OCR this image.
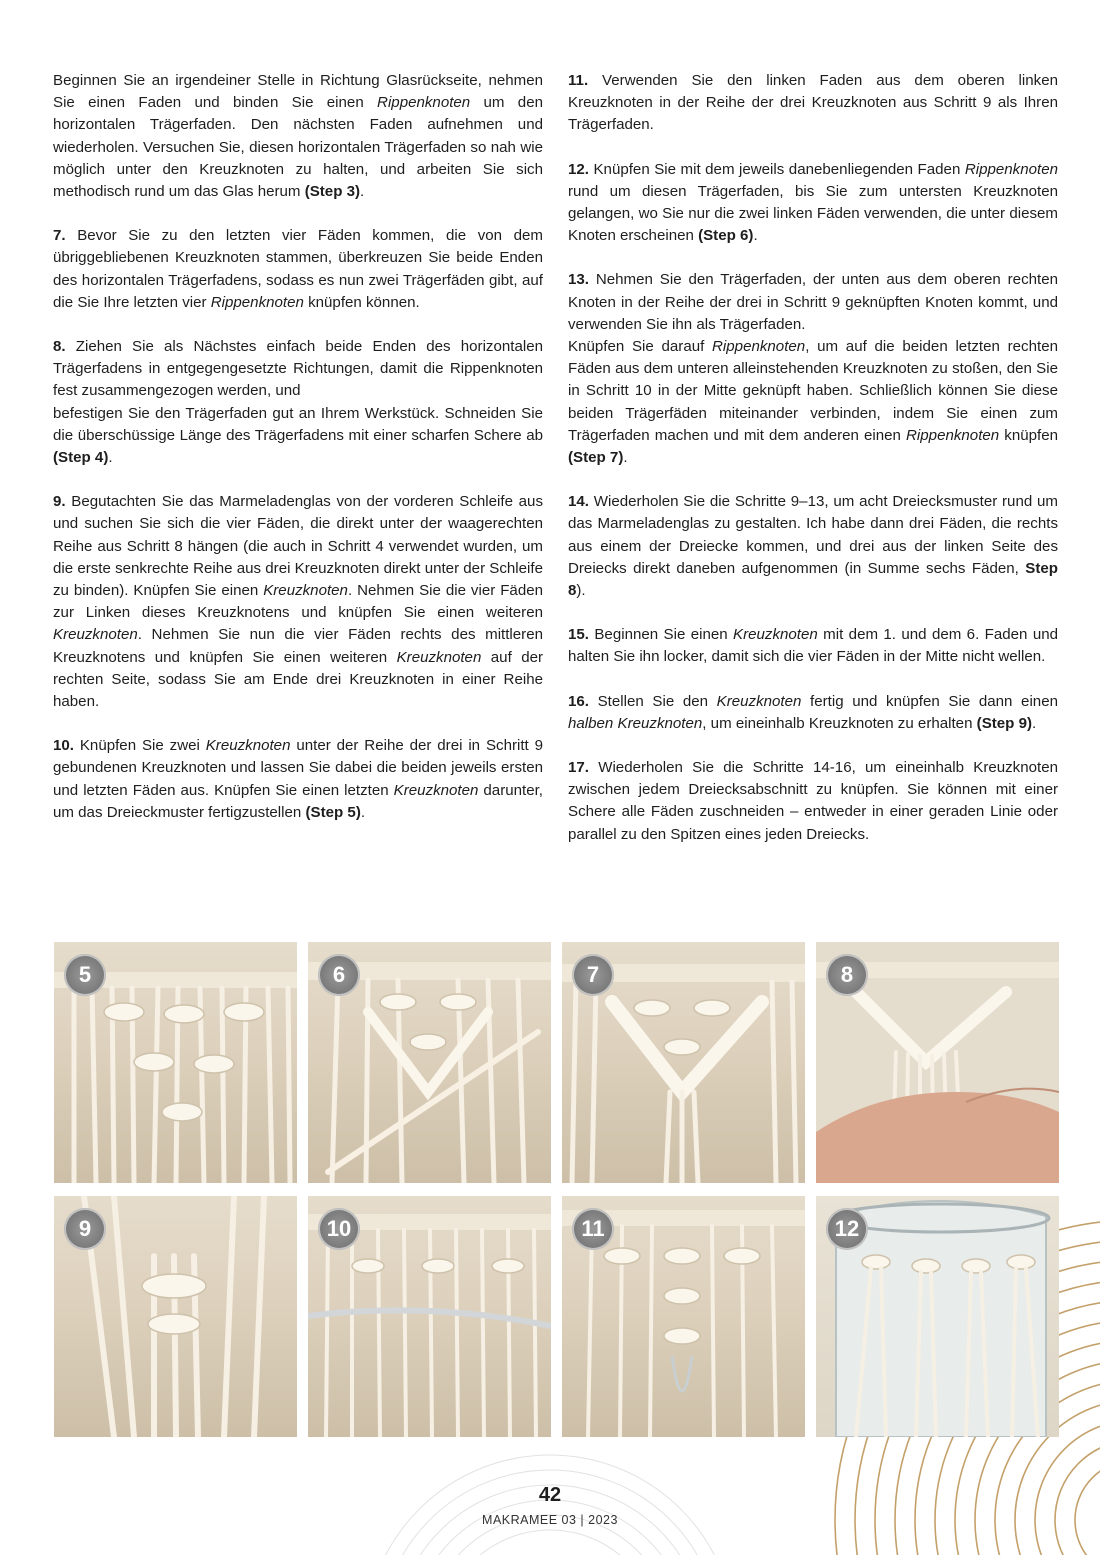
Beginnen Sie an irgendeiner Stelle in Richtung Glasrückseite, nehmen Sie einen Faden und binden Sie einen Rippenknoten um den horizontalen Trägerfaden. Den nächsten Faden aufnehmen und wiederholen. Versuchen Sie, diesen horizontalen Trägerfaden so nah wie möglich unter den Kreuzknoten zu halten, und arbeiten Sie sich methodisch rund um das Glas herum (Step 3).

7. Bevor Sie zu den letzten vier Fäden kommen, die von dem übriggebliebenen Kreuzknoten stammen, überkreuzen Sie beide Enden des horizontalen Trägerfadens, sodass es nun zwei Trägerfäden gibt, auf die Sie Ihre letzten vier Rippenknoten knüpfen können.

8. Ziehen Sie als Nächstes einfach beide Enden des horizontalen Trägerfadens in entgegengesetzte Richtungen, damit die Rippenknoten fest zusammengezogen werden, und

befestigen Sie den Trägerfaden gut an Ihrem Werkstück. Schneiden Sie die überschüssige Länge des Trägerfadens mit einer scharfen Schere ab (Step 4).

9. Begutachten Sie das Marmeladenglas von der vorderen Schleife aus und suchen Sie sich die vier Fäden, die direkt unter der waagerechten Reihe aus Schritt 8 hängen (die auch in Schritt 4 verwendet wurden, um die erste senkrechte Reihe aus drei Kreuzknoten direkt unter der Schleife zu binden). Knüpfen Sie einen Kreuzknoten. Nehmen Sie die vier Fäden zur Linken dieses Kreuzknotens und knüpfen Sie einen weiteren Kreuzknoten. Nehmen Sie nun die vier Fäden rechts des mittleren Kreuzknotens und knüpfen Sie einen weiteren Kreuzknoten auf der rechten Seite, sodass Sie am Ende drei Kreuzknoten in einer Reihe haben.

10. Knüpfen Sie zwei Kreuzknoten unter der Reihe der drei in Schritt 9 gebundenen Kreuzknoten und lassen Sie dabei die beiden jeweils ersten und letzten Fäden aus. Knüpfen Sie einen letzten Kreuzknoten darunter, um das Dreieckmuster fertigzustellen (Step 5).

11. Verwenden Sie den linken Faden aus dem oberen linken Kreuzknoten in der Reihe der drei Kreuzknoten aus Schritt 9 als Ihren Trägerfaden.

12. Knüpfen Sie mit dem jeweils danebenliegenden Faden Rippenknoten rund um diesen Trägerfaden, bis Sie zum untersten Kreuzknoten gelangen, wo Sie nur die zwei linken Fäden verwenden, die unter diesem Knoten erscheinen (Step 6).

13. Nehmen Sie den Trägerfaden, der unten aus dem oberen rechten Knoten in der Reihe der drei in Schritt 9 geknüpften Knoten kommt, und verwenden Sie ihn als Trägerfaden.

Knüpfen Sie darauf Rippenknoten, um auf die beiden letzten rechten Fäden aus dem unteren alleinstehenden Kreuzknoten zu stoßen, den Sie in Schritt 10 in der Mitte geknüpft haben. Schließlich können Sie diese beiden Trägerfäden miteinander verbinden, indem Sie einen zum Trägerfaden machen und mit dem anderen einen Rippenknoten knüpfen (Step 7).

14. Wiederholen Sie die Schritte 9–13, um acht Dreiecksmuster rund um das Marmeladenglas zu gestalten. Ich habe dann drei Fäden, die rechts aus einem der Dreiecke kommen, und drei aus der linken Seite des Dreiecks direkt daneben aufgenommen (in Summe sechs Fäden, Step 8).

15. Beginnen Sie einen Kreuzknoten mit dem 1. und dem 6. Faden und halten Sie ihn locker, damit sich die vier Fäden in der Mitte nicht wellen.

16. Stellen Sie den Kreuzknoten fertig und knüpfen Sie dann einen halben Kreuzknoten, um eineinhalb Kreuzknoten zu erhalten (Step 9).

17. Wiederholen Sie die Schritte 14-16, um eineinhalb Kreuzknoten zwischen jedem Dreiecksabschnitt zu knüpfen. Sie können mit einer Schere alle Fäden zuschneiden – entweder in einer geraden Linie oder parallel zu den Spitzen eines jeden Dreiecks.

5	6	7	8
9	10	11	12
42
MAKRAMEE 03 | 2023
